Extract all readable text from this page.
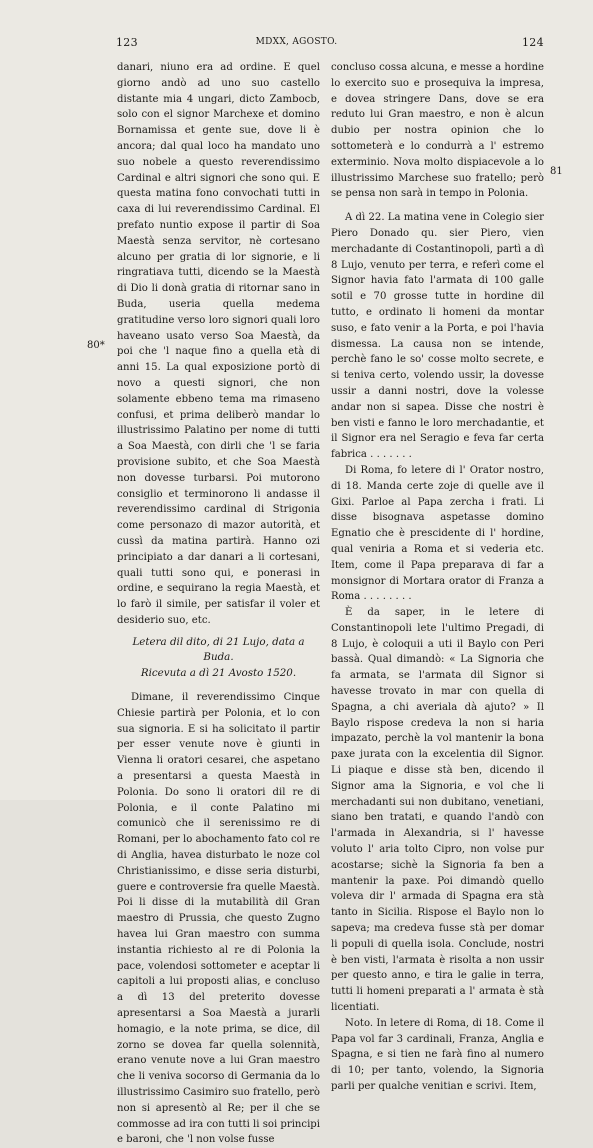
123	MDXX, AGOSTO.	124
80*
81

danari, niuno era ad ordine. E quel giorno andò ad uno suo castello distante mia 4 ungari, dicto Zambocb, solo con el signor Marchexe et domino Bornamissa et gente sue, dove li è ancora; dal qual loco ha mandato uno suo nobele a questo reverendissimo Cardinal e altri signori che sono qui. E questa matina fono convochati tutti in caxa di lui reverendissimo Cardinal. El prefato nuntio expose il partir di Soa Maestà senza servitor, nè cortesano alcuno per gratia di lor signorie, e li ringratiava tutti, dicendo se la Maestà di Dio li donà gratia di ritornar sano in Buda, useria quella medema gratitudine verso loro signori quali loro haveano usato verso Soa Maestà, da poi che 'l naque fino a quella età di anni 15. La qual exposizione portò di novo a questi signori, che non solamente ebbeno tema ma rimaseno confusi, et prima deliberò mandar lo illustrissimo Palatino per nome di tutti a Soa Maestà, con dirli che 'l se faria provisione subito, et che Soa Maestà non dovesse turbarsi. Poi mutorono consiglio et terminorono li andasse il reverendissimo cardinal di Strigonia come personazo di mazor autorità, et cussì da matina partirà. Hanno ozi principiato a dar danari a li cortesani, quali tutti sono qui, e ponerasi in ordine, e sequirano la regia Maestà, et lo farò il simile, per satisfar il voler et desiderio suo, etc.

Letera dil dito, di 21 Lujo, data a Buda.
Ricevuta a dì 21 Avosto 1520.

Dimane, il reverendissimo Cinque Chiesie partirà per Polonia, et lo con sua signoria. E si ha solicitato il partir per esser venute nove è giunti in Vienna li oratori cesarei, che aspetano a presentarsi a questa Maestà in Polonia. Do sono li oratori dil re di Polonia, e il conte Palatino mi comunicò che il serenissimo re di Romani, per lo abochamento fato col re di Anglia, havea disturbato le noze col Christianissimo, e disse seria disturbi, guere e controversie fra quelle Maestà. Poi li disse di la mutabilità dil Gran maestro di Prussia, che questo Zugno havea lui Gran maestro con summa instantia richiesto al re di Polonia la pace, volendosi sottometer e aceptar li capitoli a lui proposti alias, e concluso a dì 13 del preterito dovesse apresentarsi a Soa Maestà a jurarli homagio, e la note prima, se dice, dil zorno se dovea far quella solennità, erano venute nove a lui Gran maestro che li veniva socorso di Germania da lo illustrissimo Casimiro suo fratello, però non si apresentò al Re; per il che se commosse ad ira con tutti li soi principi e baroni, che 'l non volse fusse

concluso cossa alcuna, e messe a hordine lo exercito suo e prosequiva la impresa, e dovea stringere Dans, dove se era reduto lui Gran maestro, e non è alcun dubio per nostra opinion che lo sottometerà e lo condurrà a l' estremo exterminio. Nova molto dispiacevole a lo illustrissimo Marchese suo fratello; però se pensa non sarà in tempo in Polonia.

A dì 22. La matina vene in Colegio sier Piero Donado qu. sier Piero, vien merchadante di Costantinopoli, partì a dì 8 Lujo, venuto per terra, e referì come el Signor havia fato l'armata di 100 galle sotil e 70 grosse tutte in hordine dil tutto, e ordinato li homeni da montar suso, e fato venir a la Porta, e poi l'havia dismessa. La causa non se intende, perchè fano le so' cosse molto secrete, e si teniva certo, volendo ussir, la dovesse ussir a danni nostri, dove la volesse andar non si sapea. Disse che nostri è ben visti e fanno le loro merchadantie, et il Signor era nel Seragio e feva far certa fabrica . . . . . . .

Di Roma, fo letere di l' Orator nostro, di 18. Manda certe zoje di quelle ave il Gixi. Parloe al Papa zercha i frati. Li disse bisognava aspetasse domino Egnatio che è prescidente di l' hordine, qual veniria a Roma et si vederia etc. Item, come il Papa preparava di far a monsignor di Mortara orator di Franza a Roma . . . . . . . .

È da saper, in le letere di Constantinopoli lete l'ultimo Pregadi, di 8 Lujo, è coloquii a uti il Baylo con Peri bassà. Qual dimandò: « La Signoria che fa armata, se l'armata dil Signor si havesse trovato in mar con quella di Spagna, a chi averiala dà ajuto? » Il Baylo rispose credeva la non si haria impazato, perchè la vol mantenir la bona paxe jurata con la excelentia dil Signor. Li piaque e disse stà ben, dicendo il Signor ama la Signoria, e vol che li merchadanti sui non dubitano, venetiani, siano ben tratati, e quando l'andò con l'armada in Alexandria, si l' havesse voluto l' aria tolto Cipro, non volse pur acostarse; sichè la Signoria fa ben a mantenir la paxe. Poi dimandò quello voleva dir l' armada di Spagna era stà tanto in Sicilia. Rispose el Baylo non lo sapeva; ma credeva fusse stà per domar li populi di quella isola. Conclude, nostri è ben visti, l'armata è risolta a non ussir per questo anno, e tira le galie in terra, tutti li homeni preparati a l' armata è stà licentiati.

Noto. In letere di Roma, di 18. Come il Papa vol far 3 cardinali, Franza, Anglia e Spagna, e si tien ne farà fino al numero di 10; per tanto, volendo, la Signoria parli per qualche venitian e scrivi. Item,
